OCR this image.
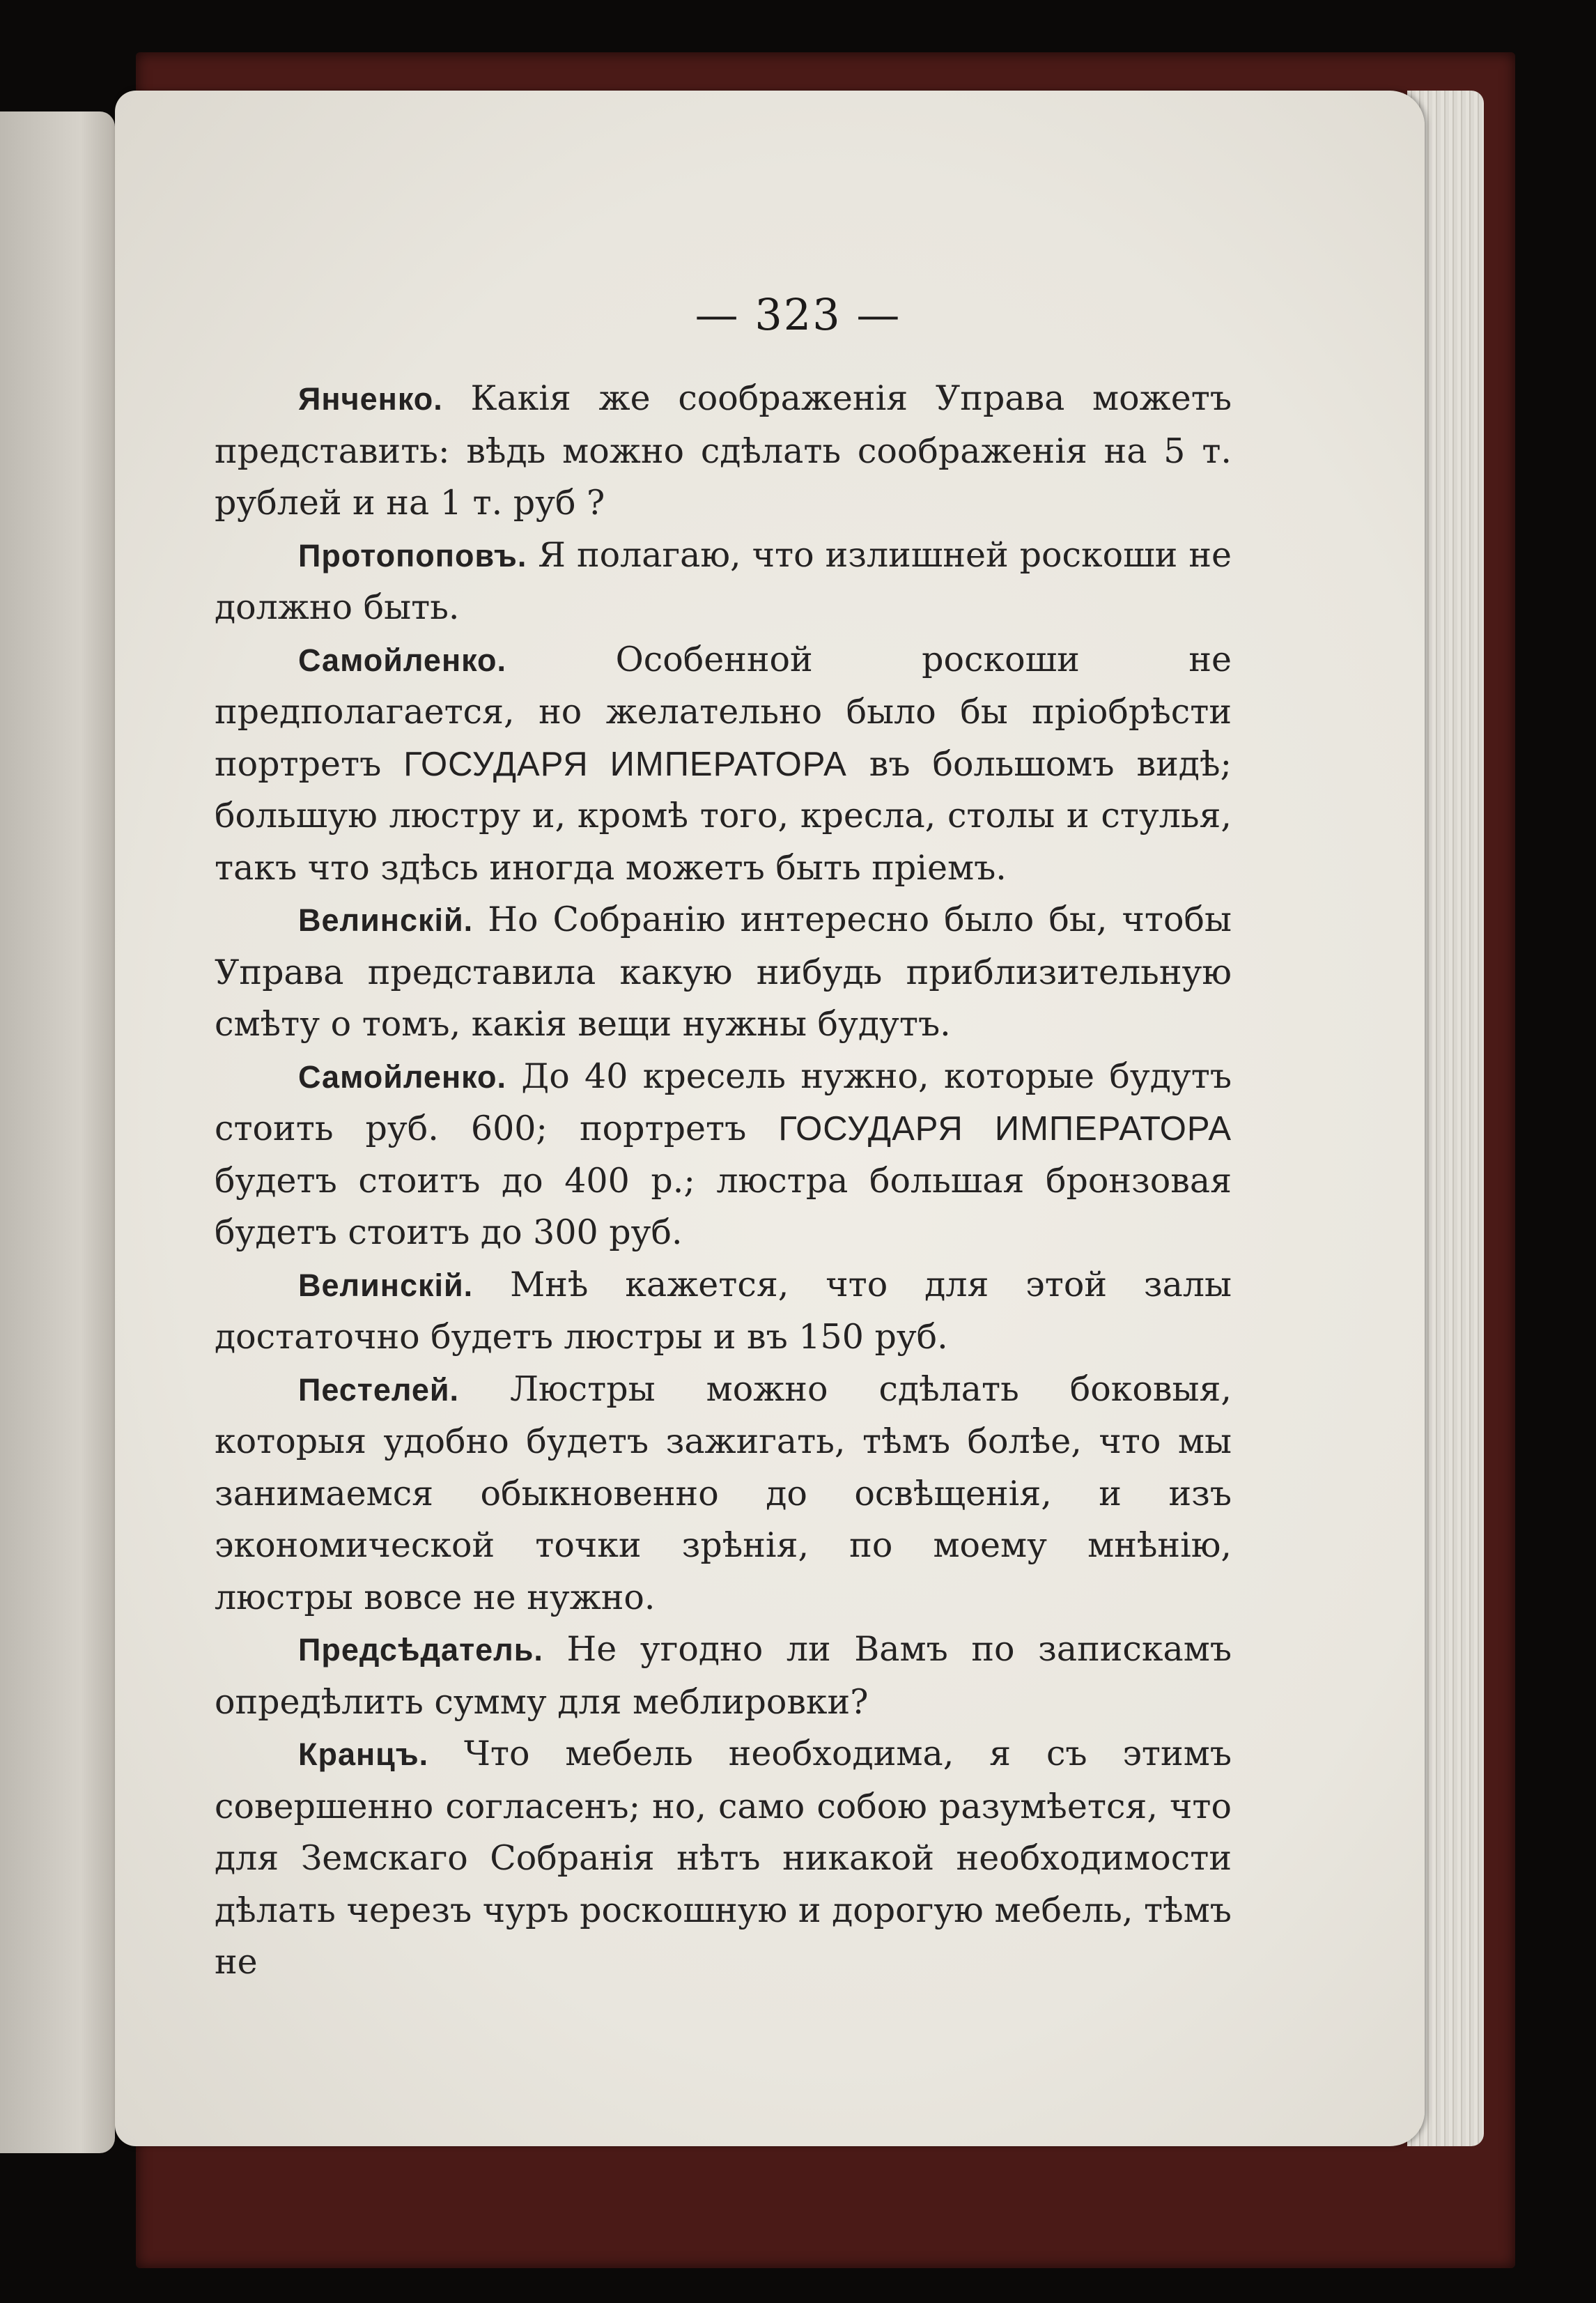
— 323 —

Янченко. Какія же соображенія Управа можетъ представить: вѣдь можно сдѣлать соображенія на 5 т. рублей и на 1 т. руб ?

Протопоповъ. Я полагаю, что излишней роскоши не должно быть.

Самойленко.	Особенной роскоши не предполагается, но желательно было бы пріобрѣсти портретъ ГОСУДАРЯ ИМПЕРАТОРА въ большомъ видѣ; большую люстру и, кромѣ того, кресла, столы и стулья, такъ что здѣсь иногда можетъ быть пріемъ.

Велинскій. Но Собранію интересно было бы, чтобы Управа представила какую нибудь приблизительную смѣту о томъ, какія вещи нужны будутъ.

Самойленко. До 40 кресель нужно, которые будутъ стоить руб. 600; портретъ ГОСУДАРЯ ИМПЕРАТОРА будетъ стоитъ до 400 р.; люстра большая бронзовая будетъ стоитъ до 300 руб.

Велинскій. Мнѣ кажется, что для этой залы достаточно будетъ люстры и въ 150 руб.

Пестелей. Люстры можно сдѣлать боковыя, которыя удобно будетъ зажигать, тѣмъ болѣе, что мы занимаемся обыкновенно до освѣщенія, и изъ экономической точки зрѣнія, по моему мнѣнію, люстры вовсе не нужно.

Предсѣдатель. Не угодно ли Вамъ по запискамъ опредѣлить сумму для меблировки?

Кранцъ. Что мебель необходима, я съ этимъ совершенно согласенъ; но, само собою разумѣется, что для Земскаго Собранія нѣтъ никакой необходимости дѣлать черезъ чуръ роскошную и дорогую мебель, тѣмъ не
